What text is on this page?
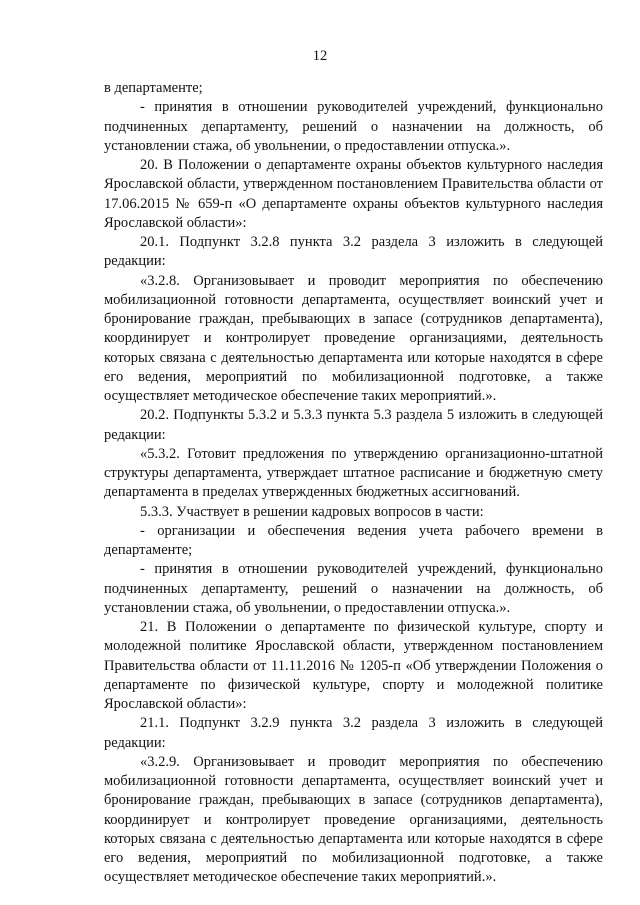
12

в департаменте;

- принятия в отношении руководителей учреждений, функционально подчиненных департаменту, решений о назначении на должность, об установлении стажа, об увольнении, о предоставлении отпуска.».

20. В Положении о департаменте охраны объектов культурного наследия Ярославской области, утвержденном постановлением Правительства области от 17.06.2015 № 659-п «О департаменте охраны объектов культурного наследия Ярославской области»:

20.1. Подпункт 3.2.8 пункта 3.2 раздела 3 изложить в следующей редакции:

«3.2.8. Организовывает и проводит мероприятия по обеспечению мобилизационной готовности департамента, осуществляет воинский учет и бронирование граждан, пребывающих в запасе (сотрудников департамента), координирует и контролирует проведение организациями, деятельность которых связана с деятельностью департамента или которые находятся в сфере его ведения, мероприятий по мобилизационной подготовке, а также осуществляет методическое обеспечение таких мероприятий.».

20.2. Подпункты 5.3.2 и 5.3.3 пункта 5.3 раздела 5 изложить в следующей редакции:

«5.3.2. Готовит предложения по утверждению организационно-штатной структуры департамента, утверждает штатное расписание и бюджетную смету департамента в пределах утвержденных бюджетных ассигнований.

5.3.3. Участвует в решении кадровых вопросов в части:

- организации и обеспечения ведения учета рабочего времени в департаменте;

- принятия в отношении руководителей учреждений, функционально подчиненных департаменту, решений о назначении на должность, об установлении стажа, об увольнении, о предоставлении отпуска.».

21. В Положении о департаменте по физической культуре, спорту и молодежной политике Ярославской области, утвержденном постановлением Правительства области от 11.11.2016 № 1205-п «Об утверждении Положения о департаменте по физической культуре, спорту и молодежной политике Ярославской области»:

21.1. Подпункт 3.2.9 пункта 3.2 раздела 3 изложить в следующей редакции:

«3.2.9. Организовывает и проводит мероприятия по обеспечению мобилизационной готовности департамента, осуществляет воинский учет и бронирование граждан, пребывающих в запасе (сотрудников департамента), координирует и контролирует проведение организациями, деятельность которых связана с деятельностью департамента или которые находятся в сфере его ведения, мероприятий по мобилизационной подготовке, а также осуществляет методическое обеспечение таких мероприятий.».
